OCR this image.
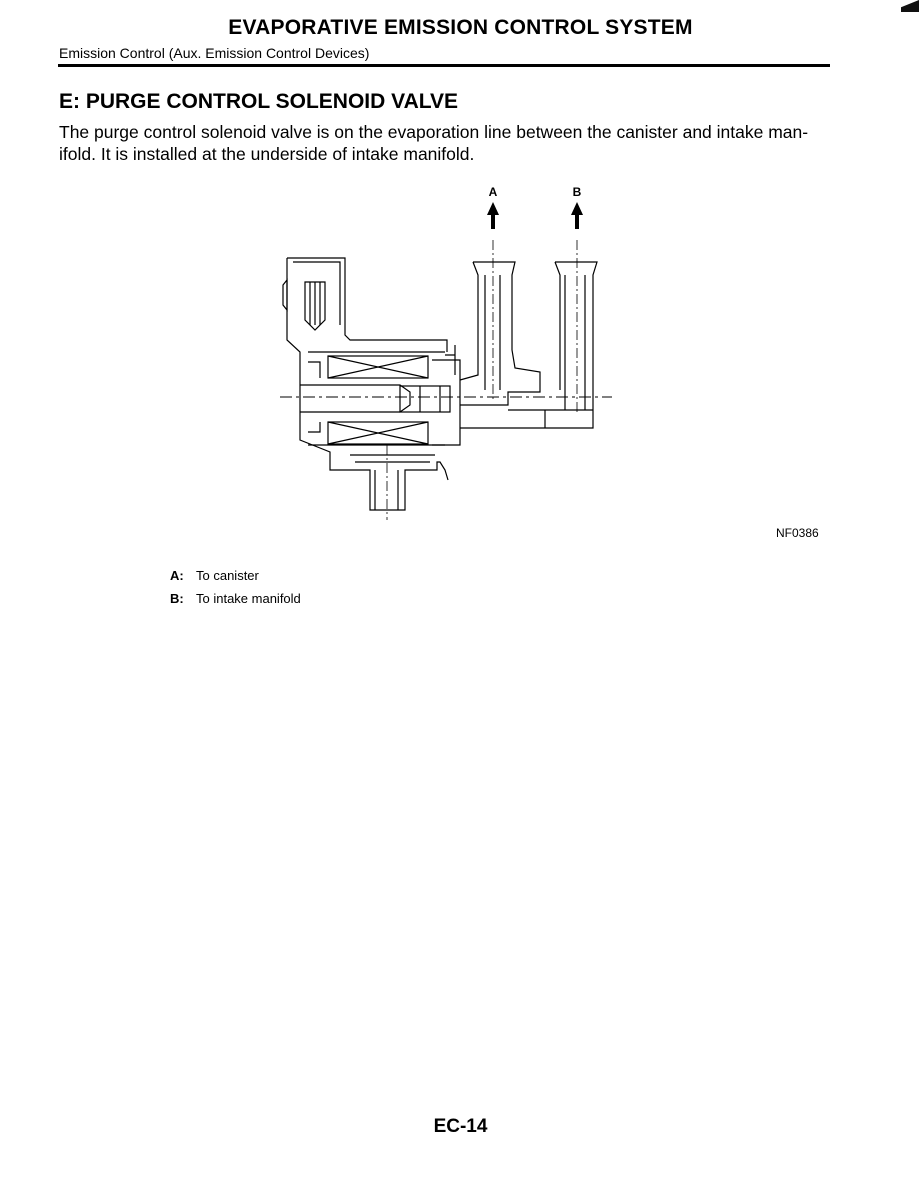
EVAPORATIVE EMISSION CONTROL SYSTEM
Emission Control (Aux. Emission Control Devices)
E: PURGE CONTROL SOLENOID VALVE
The purge control solenoid valve is on the evaporation line between the canister and intake man-ifold. It is installed at the underside of intake manifold.
A	B
NF0386
A: To canister
B: To intake manifold
EC-14
